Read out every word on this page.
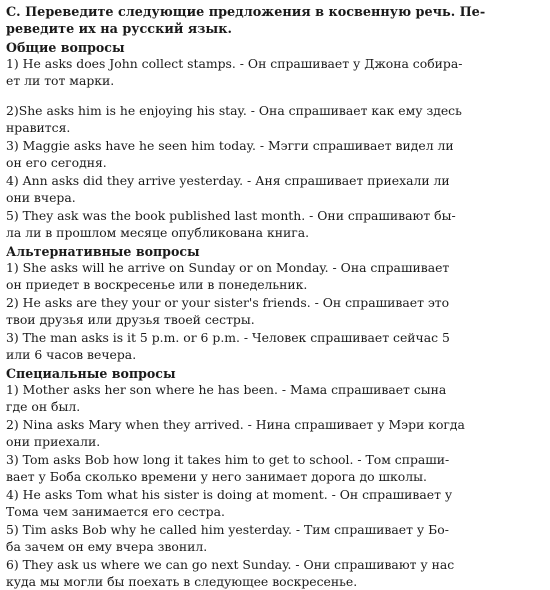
С. Переведите следующие предложения в косвенную речь. Пе-
реведите их на русский язык.
Общие вопросы
1) He asks does John collect stamps. - Он спрашивает у Джона собира-
ет ли тот марки.
2)She asks him is he enjoying his stay. - Она спрашивает как ему здесь
нравится.
3) Maggie asks have he seen him today. - Мэгги спрашивает видел ли
он его сегодня.
4) Ann asks did they arrive yesterday. - Аня спрашивает приехали ли
они вчера.
5) They ask was the book published last month. - Они спрашивают бы-
ла ли в прошлом месяце опубликована книга.
Альтернативные вопросы
1) She asks will he arrive on Sunday or on Monday. - Она спрашивает
он приедет в воскресенье или в понедельник.
2) He asks are they your or your sister's friends. - Он спрашивает это
твои друзья или друзья твоей сестры.
3) The man asks is it 5 p.m. or 6 p.m. - Человек спрашивает сейчас 5
или 6 часов вечера.
Специальные вопросы
1) Mother asks her son where he has been. - Мама спрашивает сына
где он был.
2) Nina asks Mary when they arrived. - Нина спрашивает у Мэри когда
они приехали.
3) Tom asks Bob how long it takes him to get to school. - Том спраши-
вает у Боба сколько времени у него занимает дорога до школы.
4) He asks Tom what his sister is doing at moment. - Он спрашивает у
Тома чем занимается его сестра.
5) Tim asks Bob why he called him yesterday. - Тим спрашивает у Бо-
ба зачем он ему вчера звонил.
6) They ask us where we can go next Sunday. - Они спрашивают у нас
куда мы могли бы поехать в следующее воскресенье.
